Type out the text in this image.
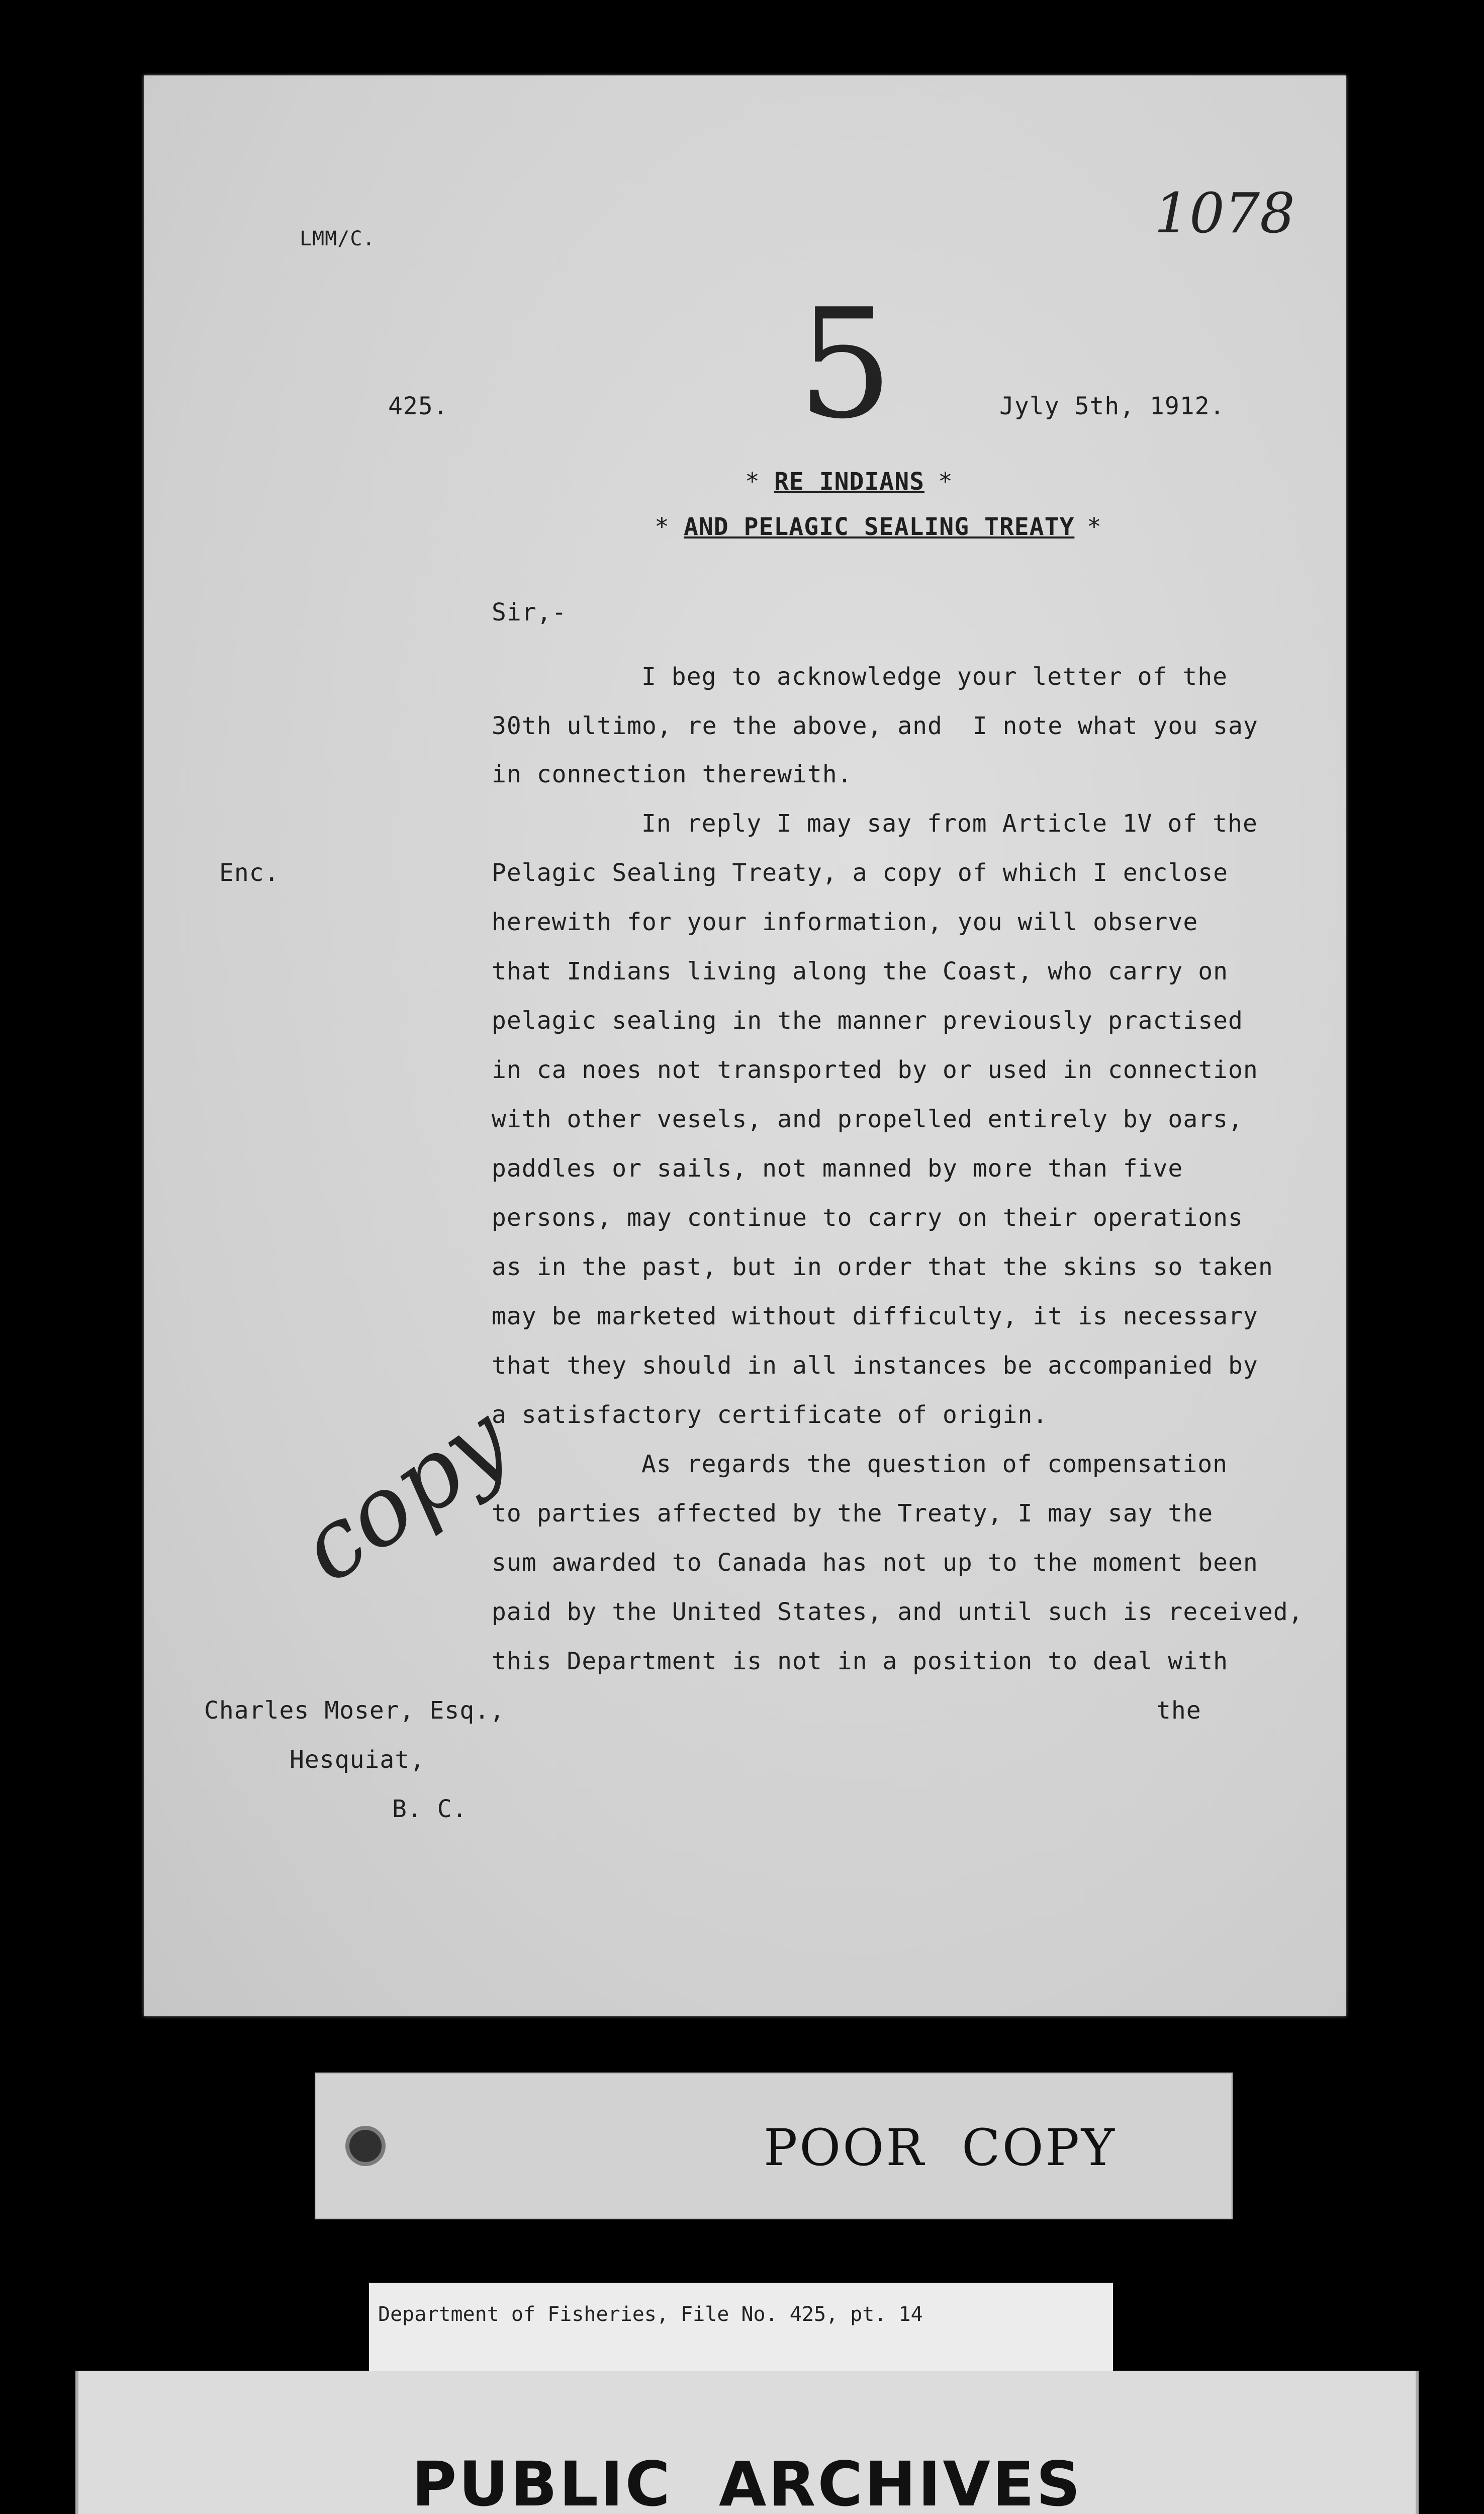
LMM/C.	1078
5
425.	Jyly 5th, 1912.
* RE INDIANS *
* AND PELAGIC SEALING TREATY *
Sir,-
I beg to acknowledge your letter of the
30th ultimo, re the above, and  I note what you say
in connection therewith.
In reply I may say from Article 1V of the
Enc.	Pelagic Sealing Treaty, a copy of which I enclose
herewith for your information, you will observe
that Indians living along the Coast, who carry on
pelagic sealing in the manner previously practised
in ca noes not transported by or used in connection
with other vesels, and propelled entirely by oars,
paddles or sails, not manned by more than five
persons, may continue to carry on their operations
as in the past, but in order that the skins so taken
may be marketed without difficulty, it is necessary
that they should in all instances be accompanied by
a satisfactory certificate of origin.
As regards the question of compensation
to parties affected by the Treaty, I may say the
sum awarded to Canada has not up to the moment been
paid by the United States, and until such is received,
this Department is not in a position to deal with
copy
Charles Moser, Esq.,	the
Hesquiat,
B. C.
POOR  COPY
Department of Fisheries, File No. 425, pt. 14
PUBLIC  ARCHIVES
